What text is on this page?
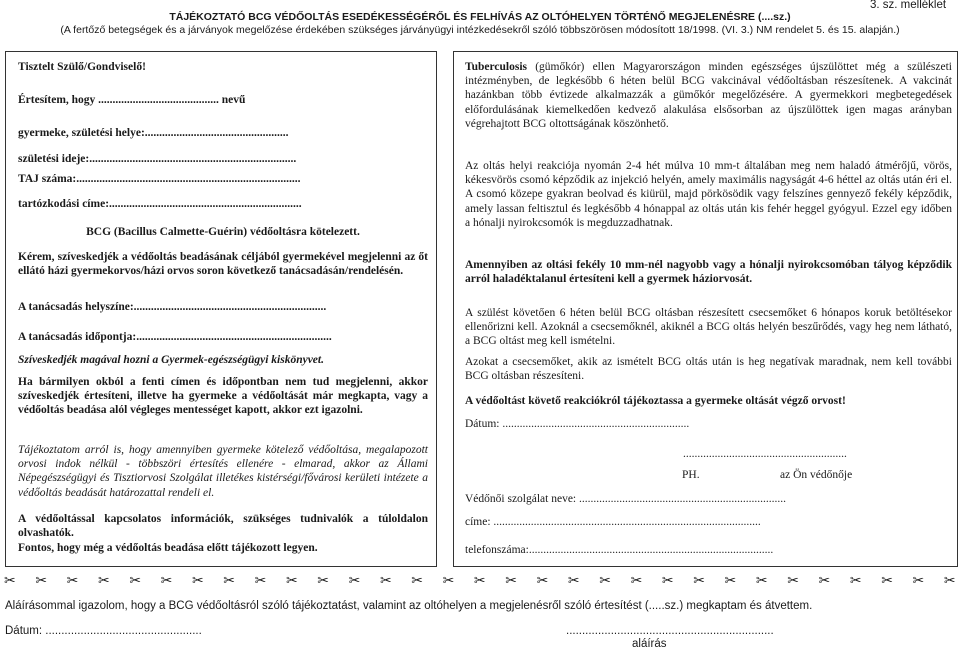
3. sz. melléklet
TÁJÉKOZTATÓ BCG VÉDŐOLTÁS ESEDÉKESSÉGÉRŐL ÉS FELHÍVÁS AZ OLTÓHELYEN TÖRTÉNŐ MEGJELENÉSRE (....sz.)
(A fertőző betegségek és a járványok megelőzése érdekében szükséges járványügyi intézkedésekről szóló többszörösen módosított 18/1998. (VI. 3.) NM rendelet 5. és 15. alapján.)
Tisztelt Szülő/Gondviselő!
Értesítem, hogy .......................................... nevű
gyermeke, születési helye:..................................................
születési ideje:........................................................................
TAJ száma:..............................................................................
tartózkodási címe:...................................................................
BCG (Bacillus Calmette-Guérin) védőoltásra kötelezett.
Kérem, szíveskedjék a védőoltás beadásának céljából gyermekével megjelenni az őt ellátó házi gyermekorvos/házi orvos soron következő tanácsadásán/rendelésén.
A tanácsadás helyszíne:...................................................................
A tanácsadás időpontja:....................................................................
Szíveskedjék magával hozni a Gyermek-egészségügyi kiskönyvet.
Ha bármilyen okból a fenti címen és időpontban nem tud megjelenni, akkor szíveskedjék értesíteni, illetve ha gyermeke a védőoltását már megkapta, vagy a védőoltás beadása alól végleges mentességet kapott, akkor ezt igazolni.
Tájékoztatom arról is, hogy amennyiben gyermeke kötelező védőoltása, megalapozott orvosi indok nélkül - többszöri értesítés ellenére - elmarad, akkor az Állami Népegészségügyi és Tisztiorvosi Szolgálat illetékes kistérségi/fővárosi kerületi intézete a védőoltás beadását határozattal rendeli el.
A védőoltással kapcsolatos információk, szükséges tudnivalók a túloldalon olvashatók.
Fontos, hogy még a védőoltás beadása előtt tájékozott legyen.
Tuberculosis (gümőkór) ellen Magyarországon minden egészséges újszülöttet még a szülészeti intézményben, de legkésőbb 6 héten belül BCG vakcinával védőoltásban részesítenek. A vakcinát hazánkban több évtizede alkalmazzák a gümőkór megelőzésére. A gyermekkori megbetegedések előfordulásának kiemelkedően kedvező alakulása elsősorban az újszülöttek igen magas arányban végrehajtott BCG oltottságának köszönhető.
Az oltás helyi reakciója nyomán 2-4 hét múlva 10 mm-t általában meg nem haladó átmérőjű, vörös, kékesvörös csomó képződik az injekció helyén, amely maximális nagyságát 4-6 héttel az oltás után éri el. A csomó közepe gyakran beolvad és kiürül, majd pörkösödik vagy felszínes gennyező fekély képződik, amely lassan feltisztul és legkésőbb 4 hónappal az oltás után kis fehér heggel gyógyul. Ezzel egy időben a hónalji nyirokcsomók is megduzzadhatnak.
Amennyiben az oltási fekély 10 mm-nél nagyobb vagy a hónalji nyirokcsomóban tályog képződik arról haladéktalanul értesíteni kell a gyermek háziorvosát.
A szülést követően 6 héten belül BCG oltásban részesített csecsemőket 6 hónapos koruk betöltésekor ellenőrizni kell. Azoknál a csecsemőknél, akiknél a BCG oltás helyén beszűrődés, vagy heg nem látható, a BCG oltást meg kell ismételni.
Azokat a csecsemőket, akik az ismételt BCG oltás után is heg negatívak maradnak, nem kell további BCG oltásban részesíteni.
A védőoltást követő reakciókról tájékoztassa a gyermeke oltását végző orvost!
Dátum: .................................................................
.........................................................
PH.	az Ön védőnője
Védőnői szolgálat neve: ........................................................................
címe: .............................................................................................
telefonszáma:.....................................................................................
✂ ✂ ✂ ✂ ✂ ✂ ✂ ✂ ✂ ✂ ✂ ✂ ✂ ✂ ✂ ✂ ✂ ✂ ✂ ✂ ✂ ✂ ✂ ✂ ✂ ✂ ✂ ✂ ✂ ✂ ✂
Aláírásommal igazolom, hogy a BCG védőoltásról szóló tájékoztatást, valamint az oltóhelyen a megjelenésről szóló értesítést (.....sz.) megkaptam és átvettem.
Dátum: .................................................	.................................................................
aláírás
